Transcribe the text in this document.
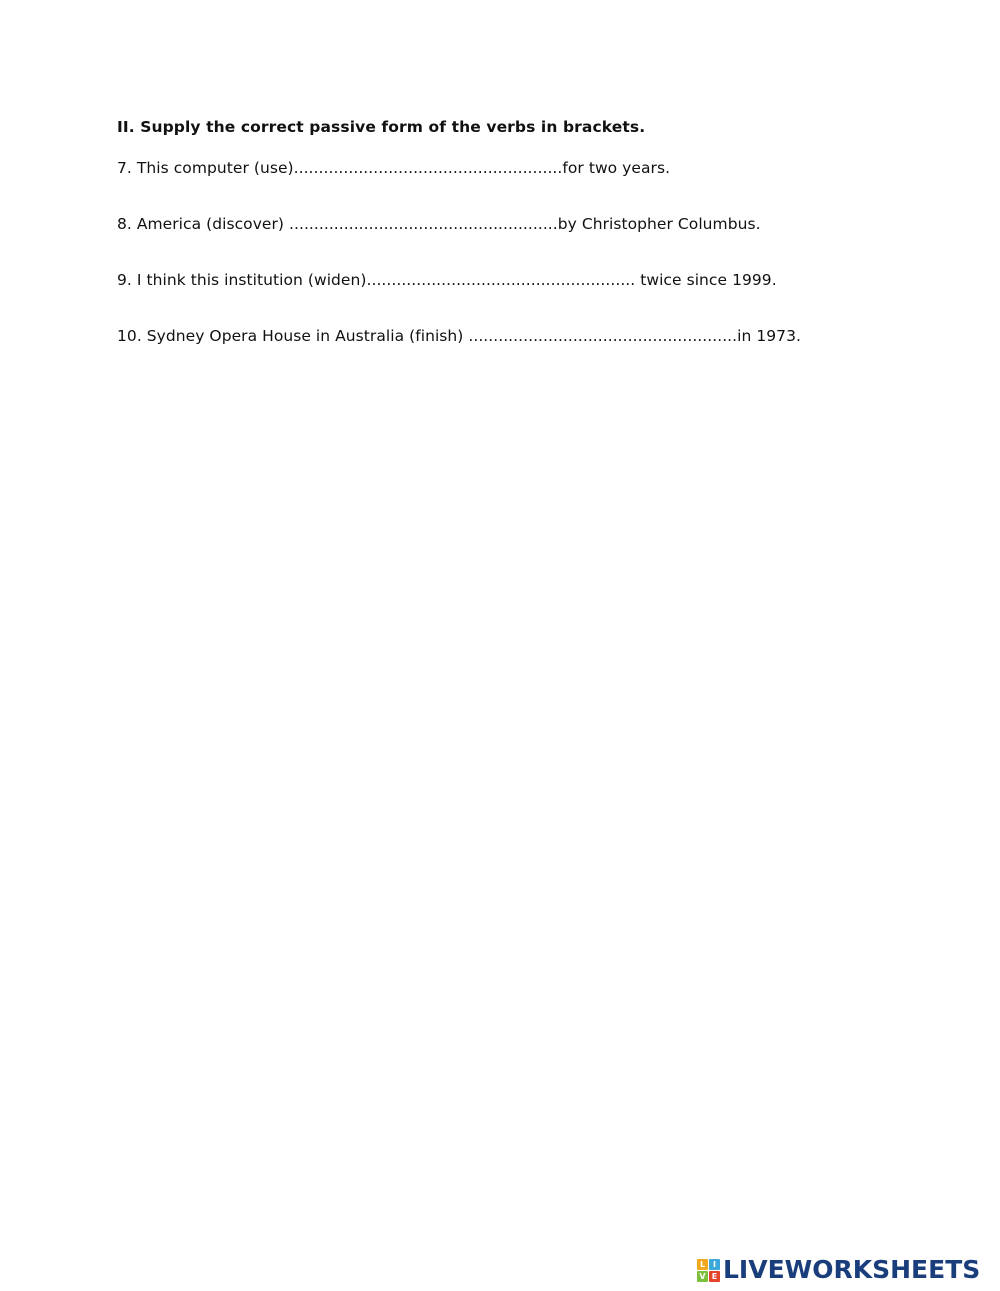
II. Supply the correct passive form of the verbs in brackets.
7. This computer (use)......................................................for two years.
8. America (discover) ......................................................by Christopher Columbus.
9. I think this institution (widen)...................................................... twice since 1999.
10. Sydney Opera House in Australia (finish) ......................................................in 1973.
L I
V E LIVEWORKSHEETS
